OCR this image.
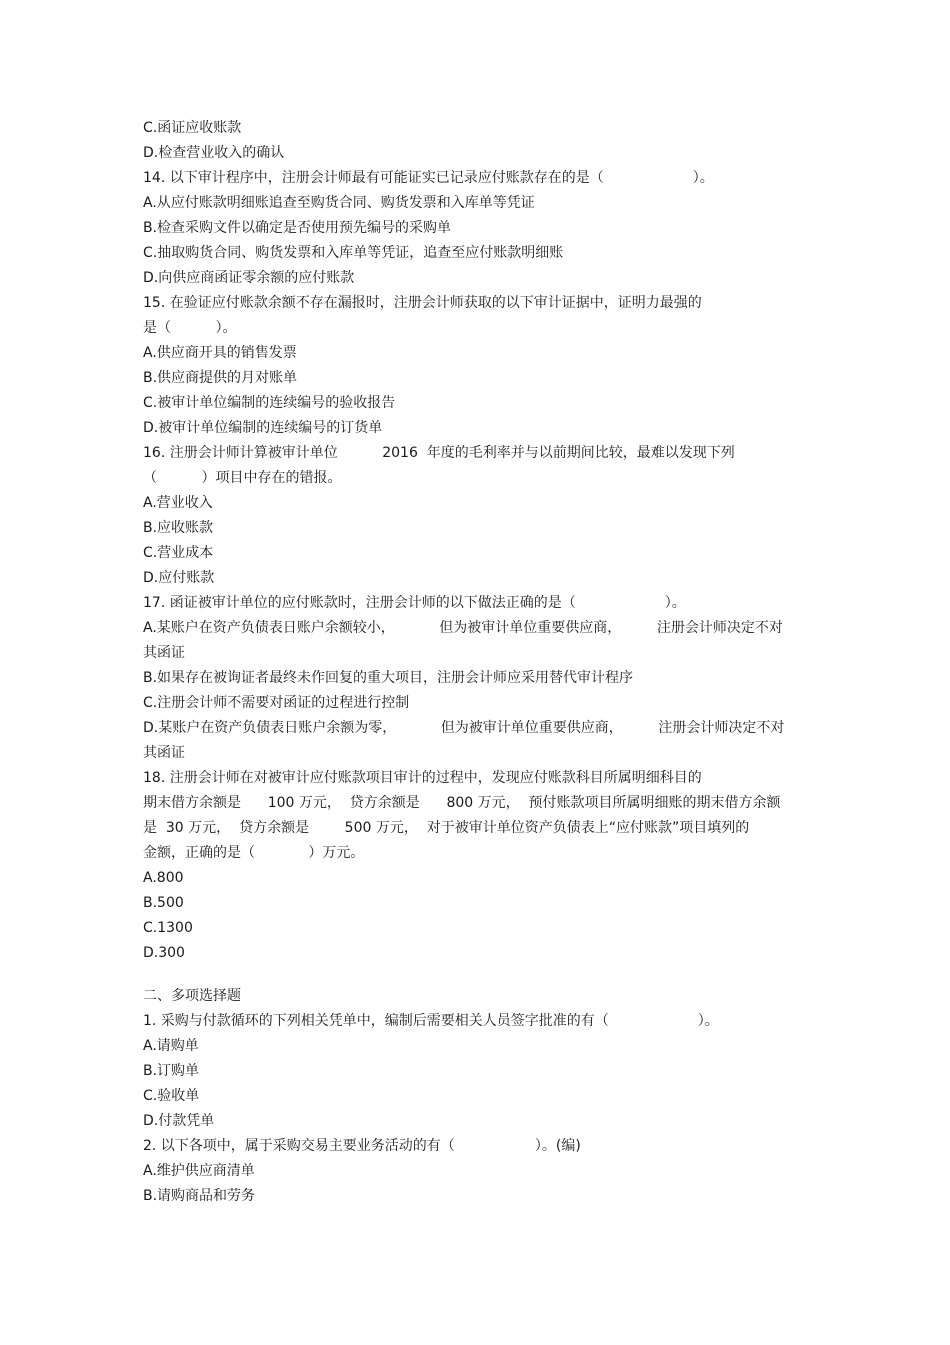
C.函证应收账款
D.检查营业收入的确认
14. 以下审计程序中，注册会计师最有可能证实已记录应付账款存在的是（                    ）。
A.从应付账款明细账追查至购货合同、购货发票和入库单等凭证
B.检查采购文件以确定是否使用预先编号的采购单
C.抽取购货合同、购货发票和入库单等凭证，追查至应付账款明细账
D.向供应商函证零余额的应付账款
15. 在验证应付账款余额不存在漏报时，注册会计师获取的以下审计证据中，证明力最强的
是（          ）。
A.供应商开具的销售发票
B.供应商提供的月对账单
C.被审计单位编制的连续编号的验收报告
D.被审计单位编制的连续编号的订货单
16. 注册会计师计算被审计单位          2016  年度的毛利率并与以前期间比较，最难以发现下列
（          ）项目中存在的错报。
A.营业收入
B.应收账款
C.营业成本
D.应付账款
17. 函证被审计单位的应付账款时，注册会计师的以下做法正确的是（                    ）。
A.某账户在资产负债表日账户余额较小，          但为被审计单位重要供应商，        注册会计师决定不对
其函证
B.如果存在被询证者最终未作回复的重大项目，注册会计师应采用替代审计程序
C.注册会计师不需要对函证的过程进行控制
D.某账户在资产负债表日账户余额为零，          但为被审计单位重要供应商，        注册会计师决定不对
其函证
18. 注册会计师在对被审计应付账款项目审计的过程中，发现应付账款科目所属明细科目的
期末借方余额是      100 万元，  贷方余额是      800 万元，  预付账款项目所属明细账的期末借方余额
是  30 万元，  贷方余额是        500 万元，  对于被审计单位资产负债表上“应付账款”项目填列的
金额，正确的是（            ）万元。
A.800
B.500
C.1300
D.300
二、多项选择题
1. 采购与付款循环的下列相关凭单中，编制后需要相关人员签字批准的有（                    ）。
A.请购单
B.订购单
C.验收单
D.付款凭单
2. 以下各项中，属于采购交易主要业务活动的有（                  ）。(编)
A.维护供应商清单
B.请购商品和劳务
